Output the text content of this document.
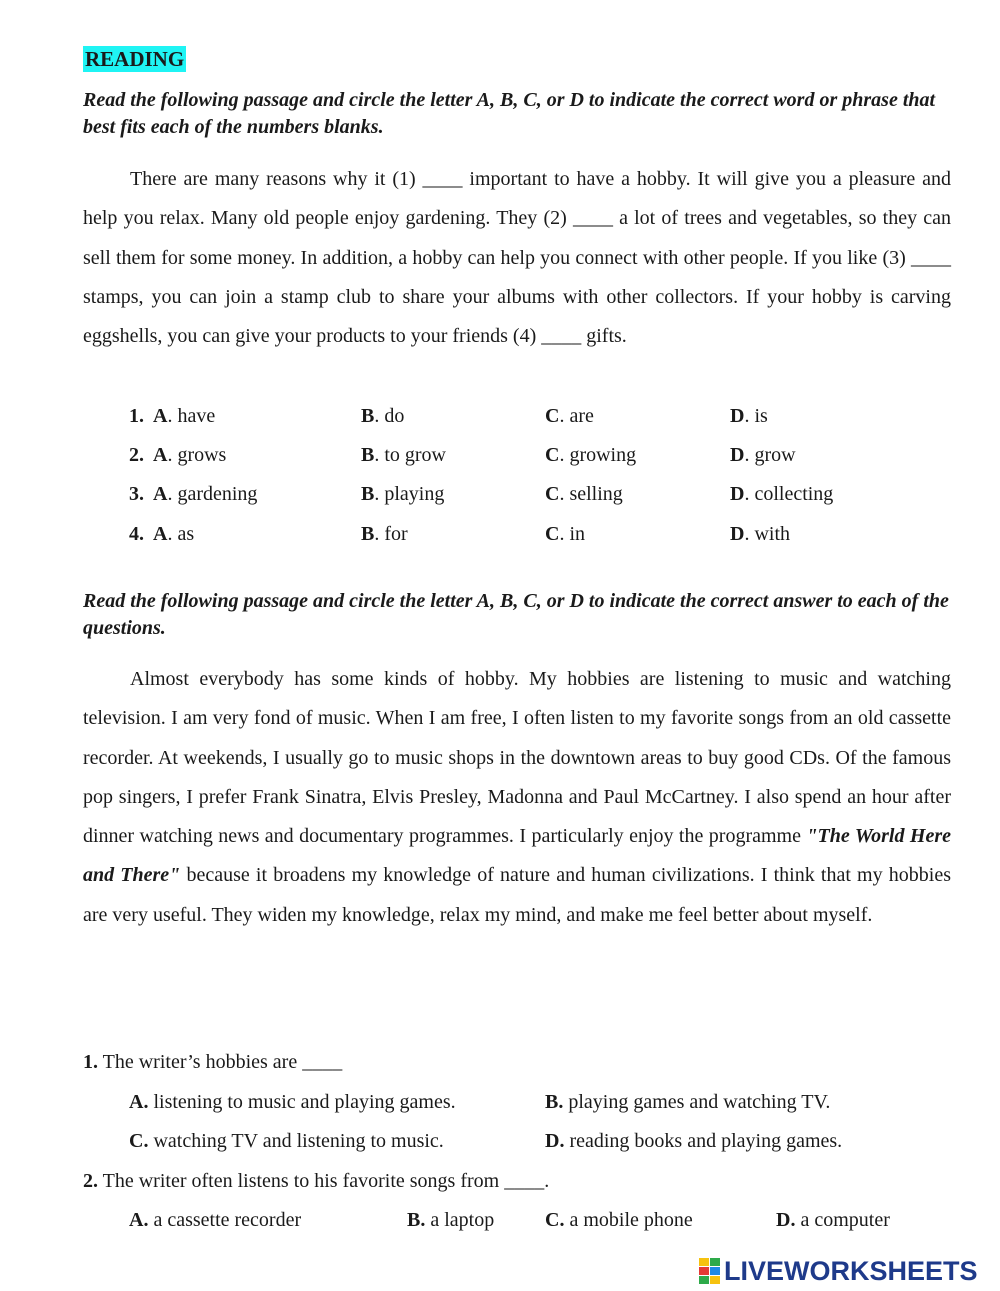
READING
Read the following passage and circle the letter A, B, C, or D to indicate the correct word or phrase that best fits each of the numbers blanks.
There are many reasons why it (1) ____ important to have a hobby. It will give you a pleasure and help you relax. Many old people enjoy gardening. They (2) ____ a lot of trees and vegetables, so they can sell them for some money. In addition, a hobby can help you connect with other people. If you like (3) ____ stamps, you can join a stamp club to share your albums with other collectors. If your hobby is carving eggshells, you can give your products to your friends (4) ____ gifts.
1. A. have	B. do	C. are	D. is
2. A. grows	B. to grow	C. growing	D. grow
3. A. gardening	B. playing	C. selling	D. collecting
4. A. as	B. for	C. in	D. with
Read the following passage and circle the letter A, B, C, or D to indicate the correct answer to each of the questions.
Almost everybody has some kinds of hobby. My hobbies are listening to music and watching television. I am very fond of music. When I am free, I often listen to my favorite songs from an old cassette recorder. At weekends, I usually go to music shops in the downtown areas to buy good CDs. Of the famous pop singers, I prefer Frank Sinatra, Elvis Presley, Madonna and Paul McCartney. I also spend an hour after dinner watching news and documentary programmes. I particularly enjoy the programme "The World Here and There" because it broadens my knowledge of nature and human civilizations. I think that my hobbies are very useful. They widen my knowledge, relax my mind, and make me feel better about myself.
1. The writer’s hobbies are ____
A. listening to music and playing games.	B. playing games and watching TV.
C. watching TV and listening to music.	D. reading books and playing games.
2. The writer often listens to his favorite songs from ____.
A. a cassette recorder	B. a laptop	C. a mobile phone	D. a computer
LIVEWORKSHEETS
